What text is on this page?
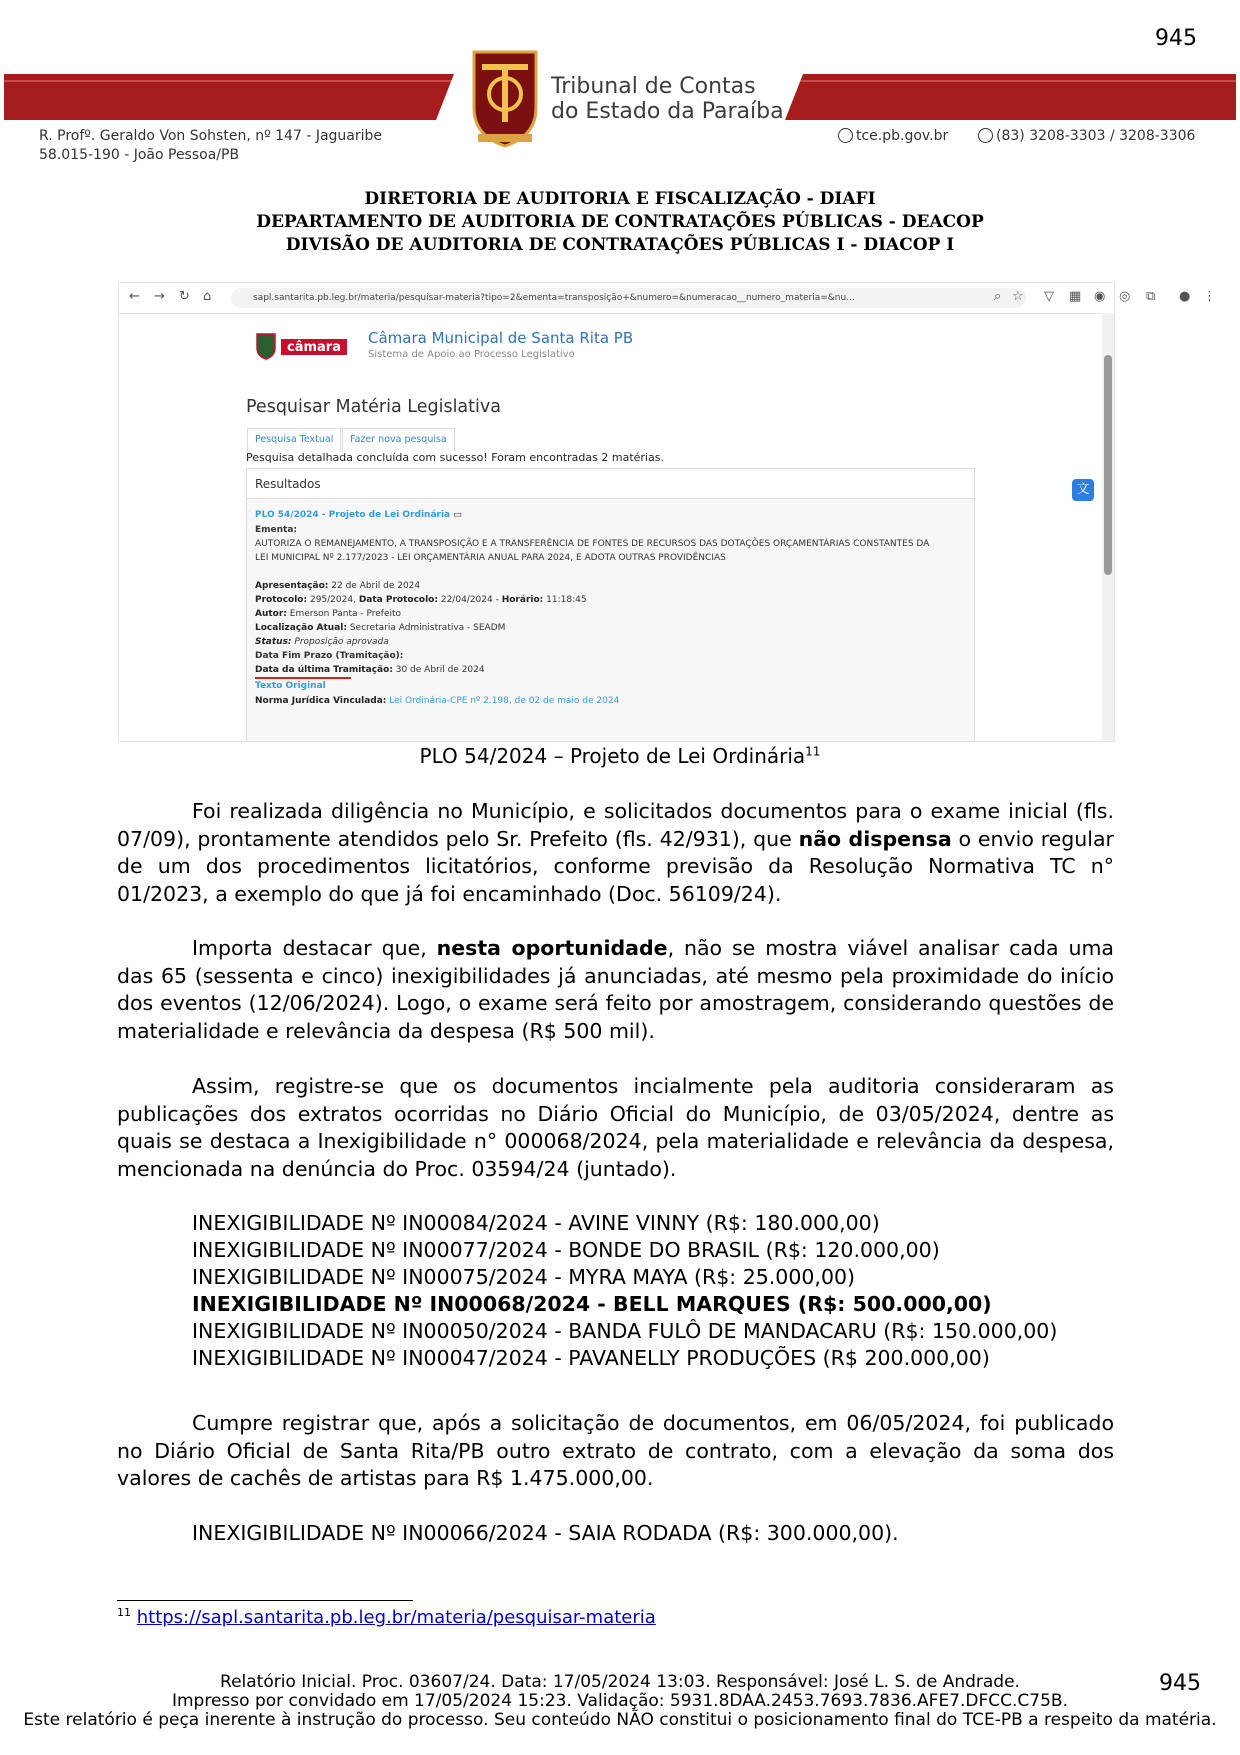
945
Tribunal de Contas
do Estado da Paraíba
R. Profº. Geraldo Von Sohsten, nº 147 - Jaguaribe
58.015-190 - João Pessoa/PB
tce.pb.gov.br	(83) 3208-3303 / 3208-3306
DIRETORIA DE AUDITORIA E FISCALIZAÇÃO - DIAFI
DEPARTAMENTO DE AUDITORIA DE CONTRATAÇÕES PÚBLICAS - DEACOP
DIVISÃO DE AUDITORIA DE CONTRATAÇÕES PÚBLICAS I - DIACOP I
← → ↻ ⌂	sapl.santarita.pb.leg.br/materia/pesquisar-materia?tipo=2&ementa=transposição+&numero=&numeracao__numero_materia=&nu...	⌕ ☆ ▽ ▦ ◉ ◎ ⧉ ● ⋮
câmara
Câmara Municipal de Santa Rita PB
Sistema de Apoio ao Processo Legislativo
Pesquisar Matéria Legislativa
Pesquisa Textual	Fazer nova pesquisa
Pesquisa detalhada concluída com sucesso! Foram encontradas 2 matérias.
Resultados
PLO 54/2024 - Projeto de Lei Ordinária ▭
Ementa:
AUTORIZA O REMANEJAMENTO, A TRANSPOSIÇÃO E A TRANSFERÊNCIA DE FONTES DE RECURSOS DAS DOTAÇÕES ORÇAMENTÁRIAS CONSTANTES DA
LEI MUNICIPAL Nº 2.177/2023 - LEI ORÇAMENTÁRIA ANUAL PARA 2024, E ADOTA OUTRAS PROVIDÊNCIAS
Apresentação: 22 de Abril de 2024
Protocolo: 295/2024, Data Protocolo: 22/04/2024 - Horário: 11:18:45
Autor: Emerson Panta - Prefeito
Localização Atual: Secretaria Administrativa - SEADM
Status: Proposição aprovada
Data Fim Prazo (Tramitação):
Data da última Tramitação: 30 de Abril de 2024
Texto Original
Norma Jurídica Vinculada: Lei Ordinária-CPE nº 2.198, de 02 de maio de 2024
文
PLO 54/2024 – Projeto de Lei Ordinária$^{11}$
Foi realizada diligência no Município, e solicitados documentos para o exame inicial (fls. 07/09), prontamente atendidos pelo Sr. Prefeito (fls. 42/931), que não dispensa o envio regular de um dos procedimentos licitatórios, conforme previsão da Resolução Normativa TC n° 01/2023, a exemplo do que já foi encaminhado (Doc. 56109/24).
Importa destacar que, nesta oportunidade, não se mostra viável analisar cada uma das 65 (sessenta e cinco) inexigibilidades já anunciadas, até mesmo pela proximidade do início dos eventos (12/06/2024). Logo, o exame será feito por amostragem, considerando questões de materialidade e relevância da despesa (R$ 500 mil).
Assim, registre-se que os documentos incialmente pela auditoria consideraram as publicações dos extratos ocorridas no Diário Oficial do Município, de 03/05/2024, dentre as quais se destaca a Inexigibilidade n° 000068/2024, pela materialidade e relevância da despesa, mencionada na denúncia do Proc. 03594/24 (juntado).
INEXIGIBILIDADE Nº IN00084/2024 - AVINE VINNY (R$: 180.000,00)
INEXIGIBILIDADE Nº IN00077/2024 - BONDE DO BRASIL (R$: 120.000,00)
INEXIGIBILIDADE Nº IN00075/2024 - MYRA MAYA (R$: 25.000,00)
INEXIGIBILIDADE Nº IN00068/2024 - BELL MARQUES (R$: 500.000,00)
INEXIGIBILIDADE Nº IN00050/2024 - BANDA FULÔ DE MANDACARU (R$: 150.000,00)
INEXIGIBILIDADE Nº IN00047/2024 - PAVANELLY PRODUÇÕES (R$ 200.000,00)
Cumpre registrar que, após a solicitação de documentos, em 06/05/2024, foi publicado no Diário Oficial de Santa Rita/PB outro extrato de contrato, com a elevação da soma dos valores de cachês de artistas para R$ 1.475.000,00.
INEXIGIBILIDADE Nº IN00066/2024 - SAIA RODADA (R$: 300.000,00).
$^{11}$ https://sapl.santarita.pb.leg.br/materia/pesquisar-materia
Relatório Inicial. Proc. 03607/24. Data: 17/05/2024 13:03. Responsável: José L. S. de Andrade.
Impresso por convidado em 17/05/2024 15:23. Validação: 5931.8DAA.2453.7693.7836.AFE7.DFCC.C75B.
Este relatório é peça inerente à instrução do processo. Seu conteúdo NÃO constitui o posicionamento final do TCE-PB a respeito da matéria.
945
